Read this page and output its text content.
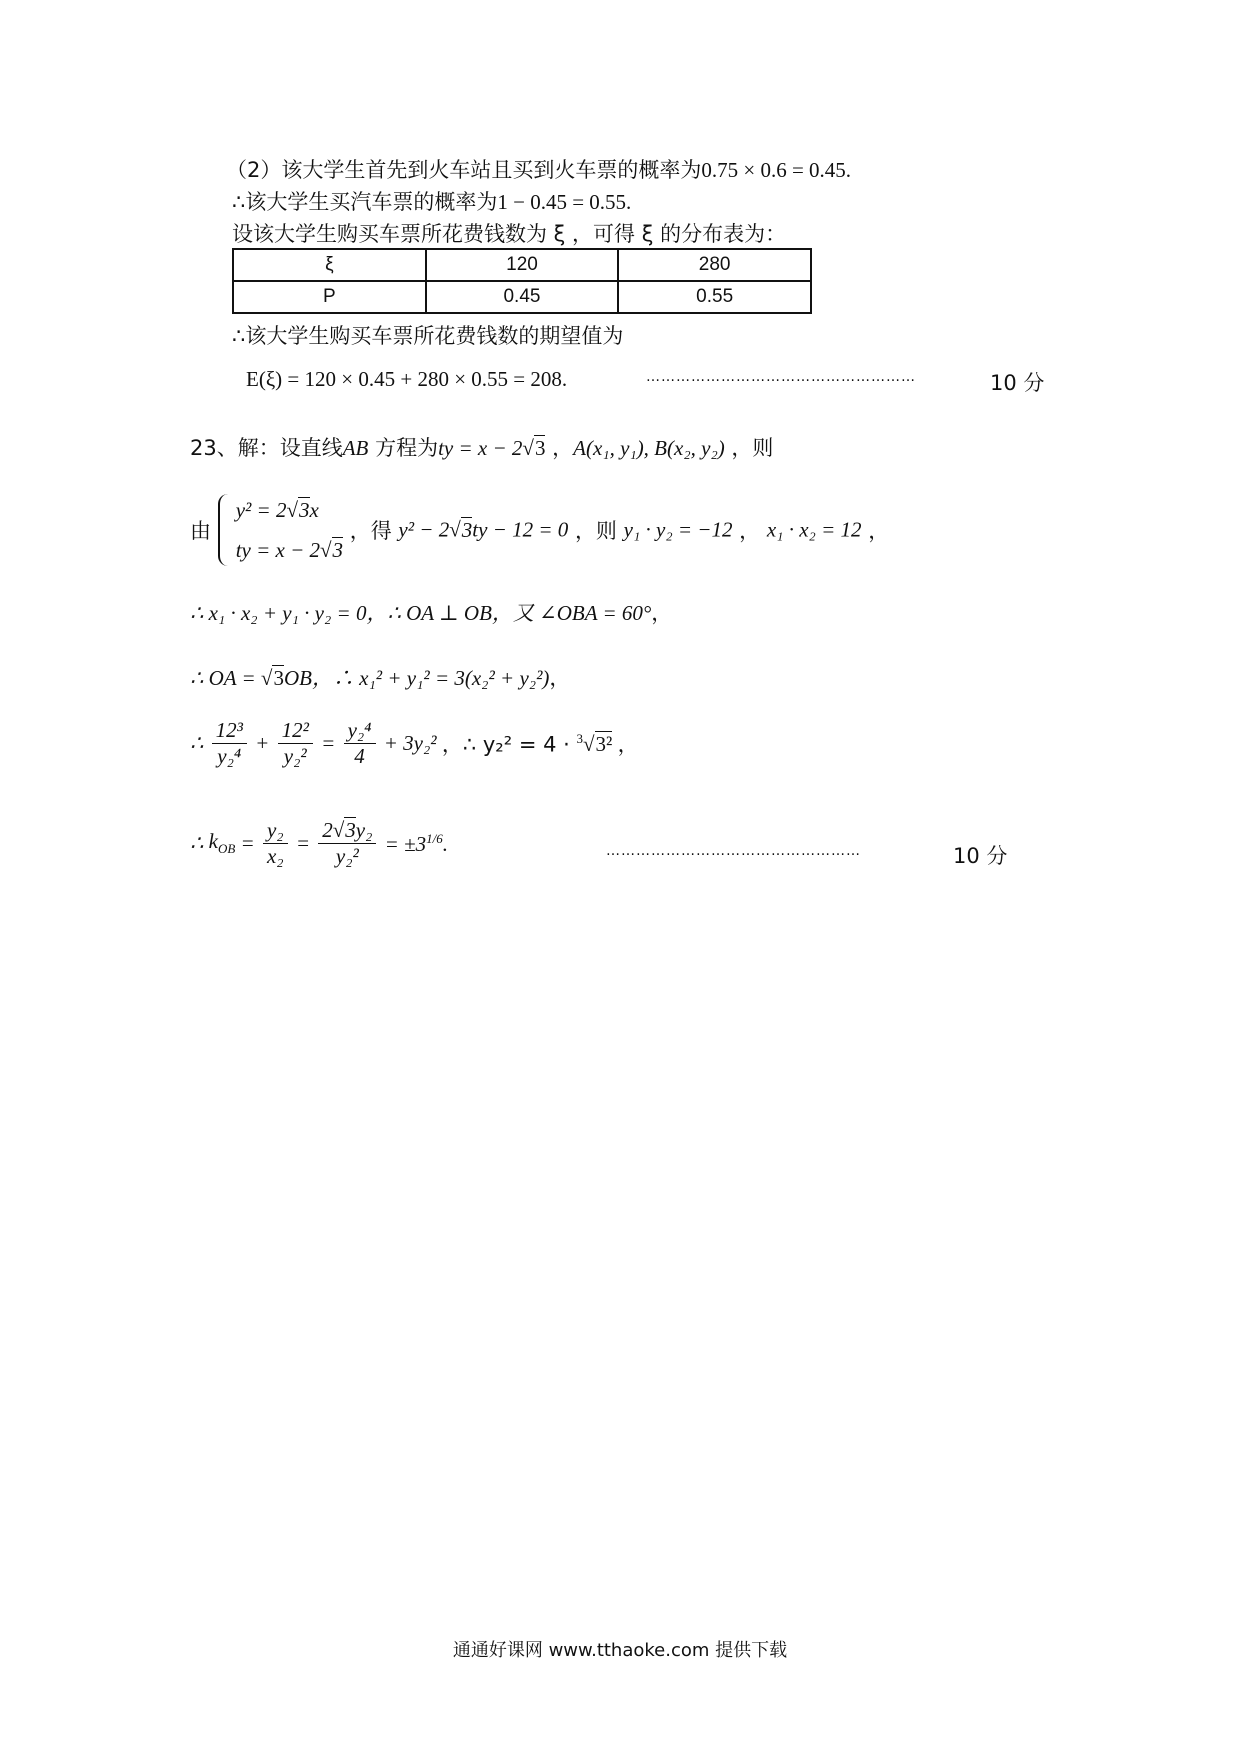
（2）该大学生首先到火车站且买到火车票的概率为0.75 × 0.6 = 0.45.
∴该大学生买汽车票的概率为1 − 0.45 = 0.55.
设该大学生购买车票所花费钱数为 ξ ，可得 ξ 的分布表为：
ξ	120	280
P	0.45	0.55
∴该大学生购买车票所花费钱数的期望值为
E(ξ) = 120 × 0.45 + 280 × 0.55 = 208.	………………………………………………	10 分
23、解：设直线AB 方程为ty = x − 2√3 ，A(x₁, y₁), B(x₂, y₂) ，则
由
y² = 2√3x
ty = x − 2√3
，得 y² − 2√3ty − 12 = 0 ，则 y₁ · y₂ = −12 ， x₁ · x₂ = 12 ，
∴ x₁ · x₂ + y₁ · y₂ = 0，∴ OA ⊥ OB，又 ∠OBA = 60°，
∴ OA = √3OB，∴ x₁² + y₁² = 3(x₂² + y₂²)，
∴ $\frac{\text{12³}}{\text{y₂⁴}} + \frac{\text{12²}}{\text{y₂²}} = \frac{\text{y₂⁴}}{4} + 3y_2^2$ ，∴ y₂² = 4 · $^3$√3² ，
∴ $k_{OB} = \frac{\text{y₂}}{\text{x₂}} = \frac{\text{2√3y₂}}{\text{y₂²}} = \pm 3^{1/6}$.	……………………………………………	10 分
通通好课网 www.tthaoke.com 提供下载
